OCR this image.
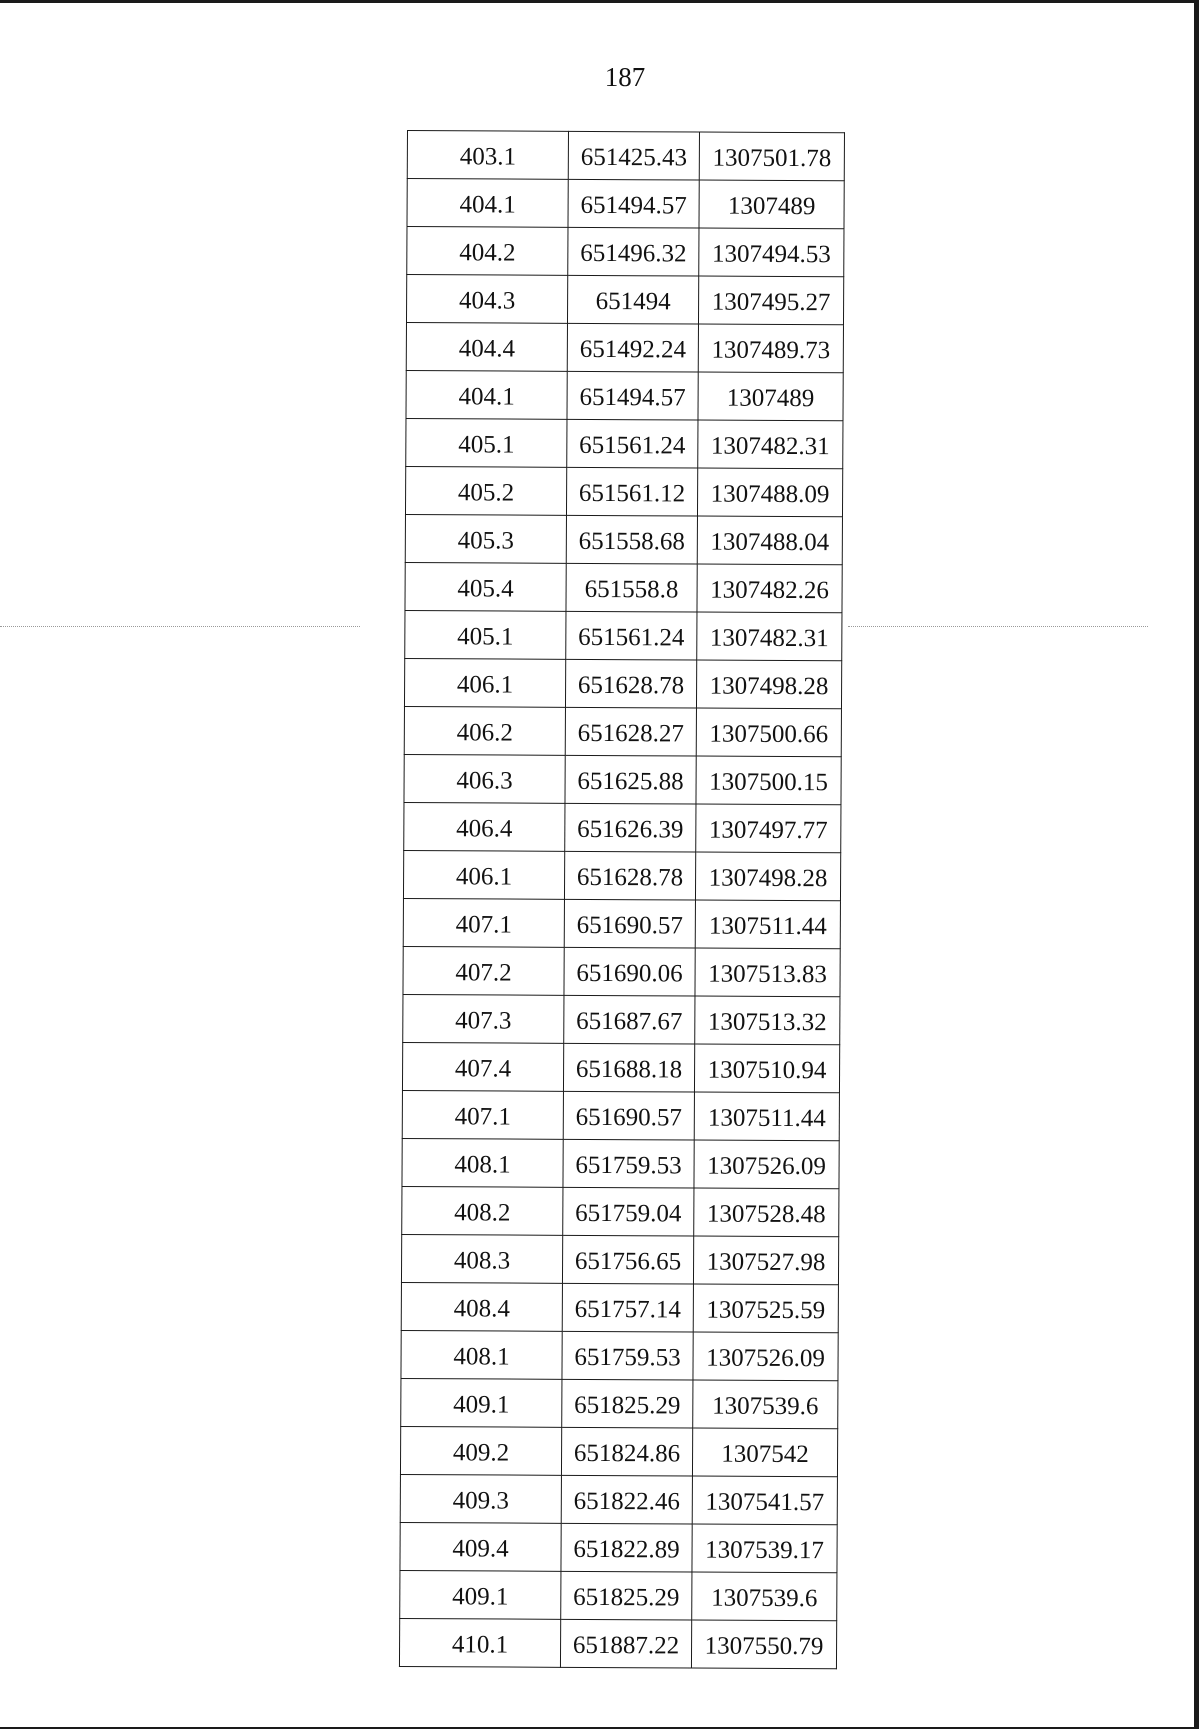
187
403.1	651425.43	1307501.78
404.1	651494.57	1307489
404.2	651496.32	1307494.53
404.3	651494	1307495.27
404.4	651492.24	1307489.73
404.1	651494.57	1307489
405.1	651561.24	1307482.31
405.2	651561.12	1307488.09
405.3	651558.68	1307488.04
405.4	651558.8	1307482.26
405.1	651561.24	1307482.31
406.1	651628.78	1307498.28
406.2	651628.27	1307500.66
406.3	651625.88	1307500.15
406.4	651626.39	1307497.77
406.1	651628.78	1307498.28
407.1	651690.57	1307511.44
407.2	651690.06	1307513.83
407.3	651687.67	1307513.32
407.4	651688.18	1307510.94
407.1	651690.57	1307511.44
408.1	651759.53	1307526.09
408.2	651759.04	1307528.48
408.3	651756.65	1307527.98
408.4	651757.14	1307525.59
408.1	651759.53	1307526.09
409.1	651825.29	1307539.6
409.2	651824.86	1307542
409.3	651822.46	1307541.57
409.4	651822.89	1307539.17
409.1	651825.29	1307539.6
410.1	651887.22	1307550.79
